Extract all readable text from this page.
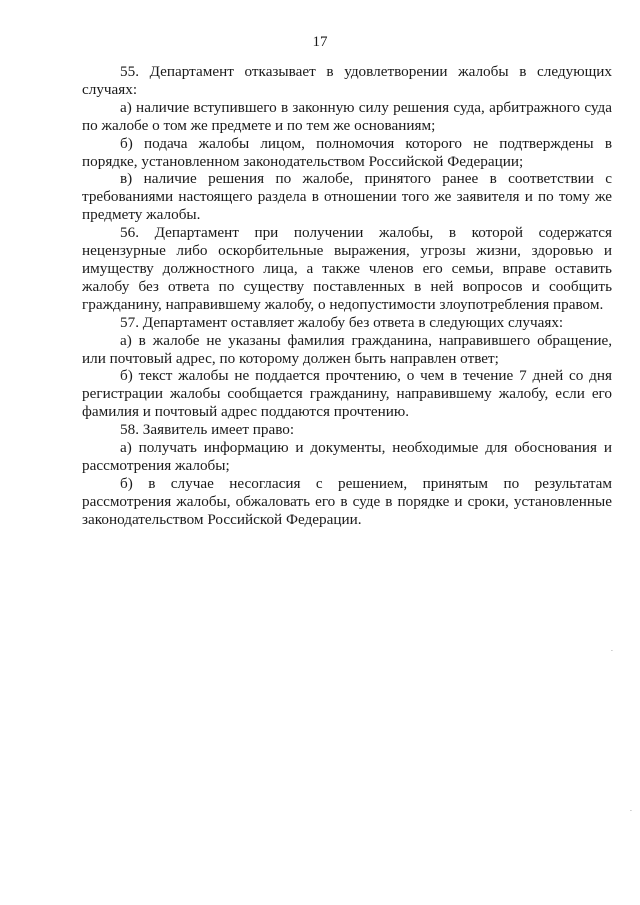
17

55. Департамент отказывает в удовлетворении жалобы в следующих случаях:

а) наличие вступившего в законную силу решения суда, арбитражного суда по жалобе о том же предмете и по тем же основаниям;

б) подача жалобы лицом, полномочия которого не подтверждены в порядке, установленном законодательством Российской Федерации;

в) наличие решения по жалобе, принятого ранее в соответствии с требованиями настоящего раздела в отношении того же заявителя и по тому же предмету жалобы.

56. Департамент при получении жалобы, в которой содержатся нецензурные либо оскорбительные выражения, угрозы жизни, здоровью и имуществу должностного лица, а также членов его семьи, вправе оставить жалобу без ответа по существу поставленных в ней вопросов и сообщить гражданину, направившему жалобу, о недопустимости злоупотребления правом.

57. Департамент оставляет жалобу без ответа в следующих случаях:

а) в жалобе не указаны фамилия гражданина, направившего обращение, или почтовый адрес, по которому должен быть направлен ответ;

б) текст жалобы не поддается прочтению, о чем в течение 7 дней со дня регистрации жалобы сообщается гражданину, направившему жалобу, если его фамилия и почтовый адрес поддаются прочтению.

58. Заявитель имеет право:

а) получать информацию и документы, необходимые для обоснования и рассмотрения жалобы;

б) в случае несогласия с решением, принятым по результатам рассмотрения жалобы, обжаловать его в суде в порядке и сроки, установленные законодательством Российской Федерации.

·
·
